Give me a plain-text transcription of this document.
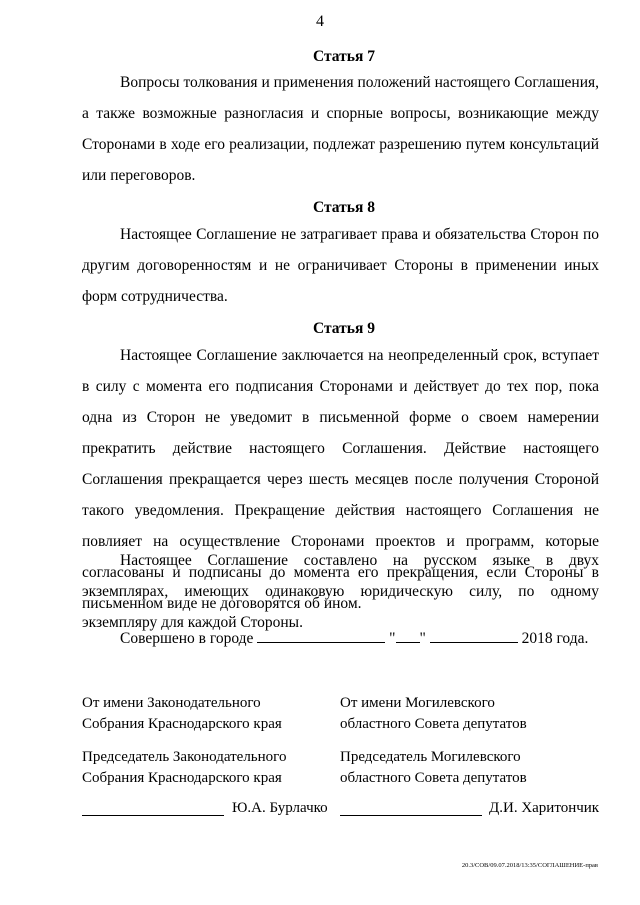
4
Статья 7

Вопросы толкования и применения положений настоящего Соглашения, а также возможные разногласия и спорные вопросы, возникающие между Сторонами в ходе его реализации, подлежат разрешению путем консультаций или переговоров.

Статья 8

Настоящее Соглашение не затрагивает права и обязательства Сторон по другим договоренностям и не ограничивает Стороны в применении иных форм сотрудничества.

Статья 9

Настоящее Соглашение заключается на неопределенный срок, вступает в силу с момента его подписания Сторонами и действует до тех пор, пока одна из Сторон не уведомит в письменной форме о своем намерении прекратить действие настоящего Соглашения. Действие настоящего Соглашения прекращается через шесть месяцев после получения Стороной такого уведомления. Прекращение действия настоящего Соглашения не повлияет на осуществление Сторонами проектов и программ, которые согласованы и подписаны до момента его прекращения, если Стороны в письменном виде не договорятся об ином.

Настоящее Соглашение составлено на русском языке в двух экземплярах, имеющих одинаковую юридическую силу, по одному экземпляру для каждой Стороны.

Совершено в городе	" "	2018 года.
От имени Законодательного
Собрания Краснодарского края
Председатель Законодательного
Собрания Краснодарского края
Ю.А. Бурлачко
От имени Могилевского
областного Совета депутатов
Председатель Могилевского
областного Совета депутатов
Д.И. Харитончик
20.3/СОВ/09.07.2018/13:35/СОГЛАШЕНИЕ-прав
